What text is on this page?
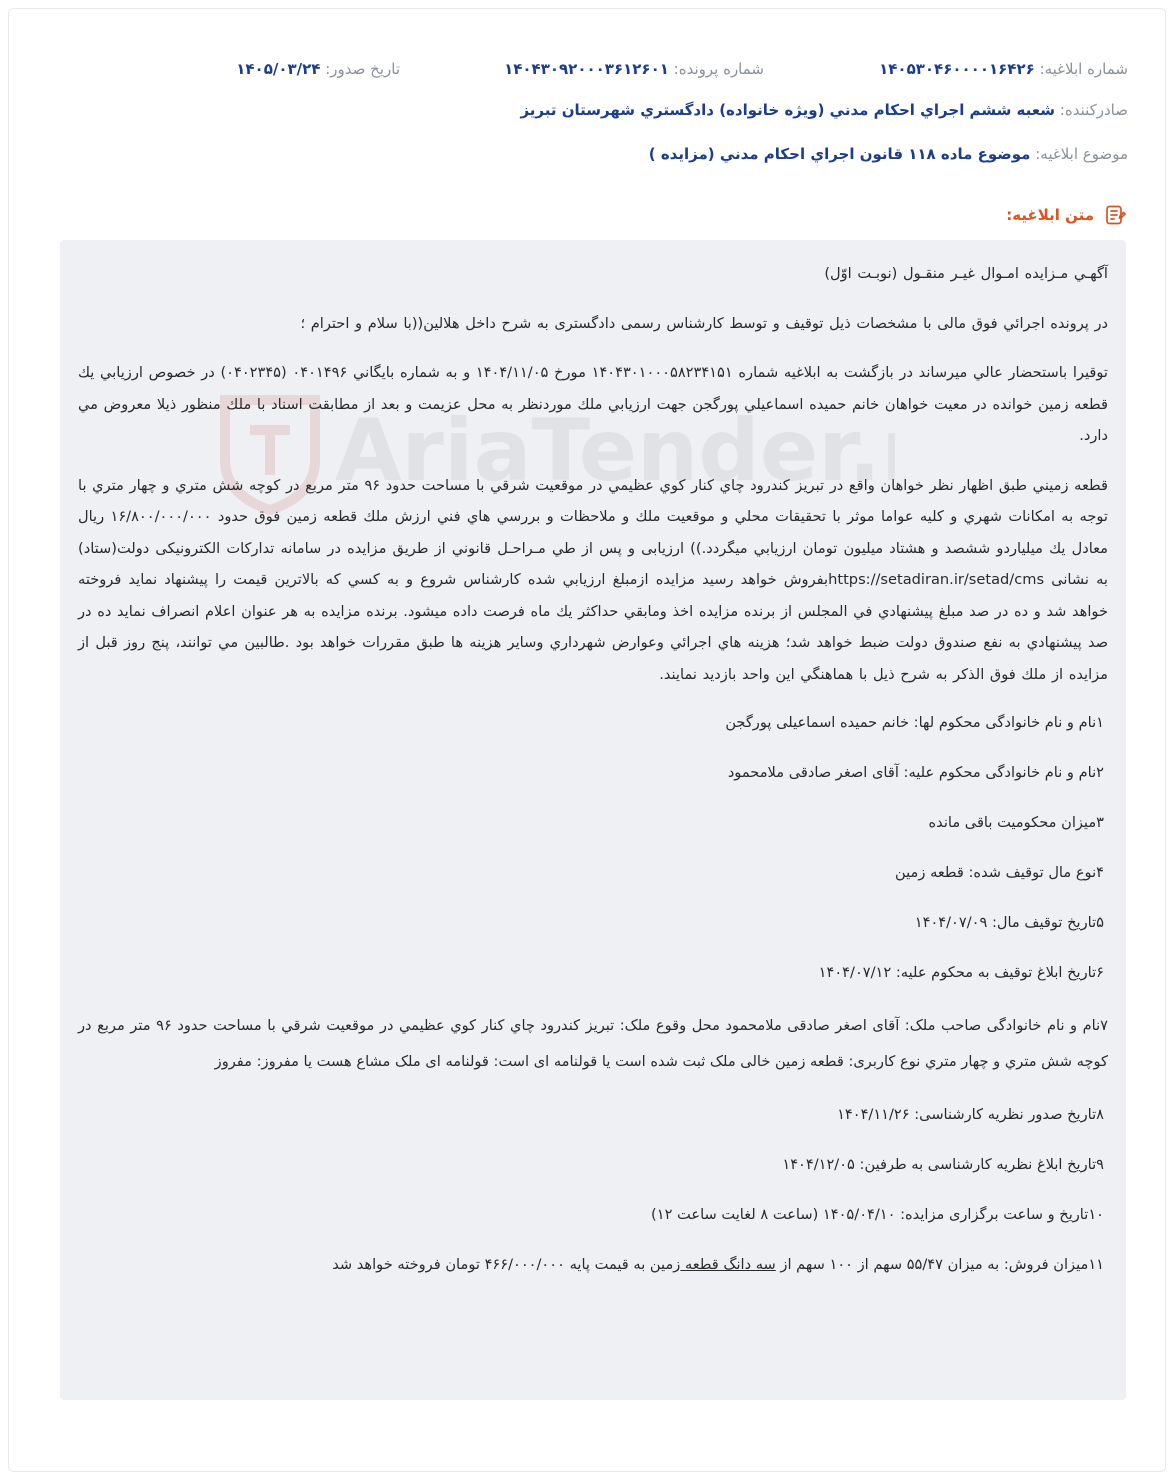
شماره ابلاغيه: ۱۴۰۵۳۰۴۶۰۰۰۰۱۶۴۲۶
شماره پرونده: ۱۴۰۴۳۰۹۲۰۰۰۳۶۱۲۶۰۱
تاريخ صدور: ۱۴۰۵/۰۳/۲۴
صادرکننده: شعبه ششم اجراي احكام مدني (ويژه خانواده) دادگستري شهرستان تبريز
موضوع ابلاغيه: موضوع ماده ۱۱۸ قانون اجراي احكام مدني (مزايده )
متن ابلاغيه:
AriaTender.

آگهـي مـزايده امـوال غيـر منقـول (نوبـت اوّل)

در پرونده اجرائي فوق مالی با مشخصات ذیل توقیف و توسط کارشناس رسمی دادگستری به شرح داخل هلالین((با سلام و احترام ؛

توقيرا باستحضار عالي ميرساند در بازگشت به ابلاغيه شماره ۱۴۰۴۳۰۱۰۰۰۵۸۲۳۴۱۵۱ مورخ ۱۴۰۴/۱۱/۰۵ و به شماره بايگاني ۰۴۰۱۴۹۶ (۰۴۰۲۳۴۵) در خصوص ارزيابي يك قطعه زمين خوانده در معيت خواهان خانم حميده اسماعيلي پورگجن جهت ارزيابي ملك موردنظر به محل عزيمت و بعد از مطابقت اسناد با ملك منظور ذيلا معروض مي دارد.

قطعه زميني طبق اظهار نظر خواهان واقع در تبريز كندرود چاي كنار كوي عظيمي در موقعيت شرقي با مساحت حدود ۹۶ متر مربع در كوچه شش متري و چهار متري با توجه به امكانات شهري و كليه عواما موثر با تحقيقات محلي و موقعيت ملك و ملاحظات و بررسي هاي فني ارزش ملك قطعه زمين فوق حدود ۱۶/۸۰۰/۰۰۰/۰۰۰ ريال معادل يك ميلياردو ششصد و هشتاد ميليون تومان ارزيابي ميگردد.)) ارزيابی و پس از طي مـراحـل قانوني از طريق مزايده در سامانه تدارکات الکترونيکی دولت(ستاد) به نشانی https://setadiran.ir/setad/cmsبفروش خواهد رسيد مزايده ازمبلغ ارزيابي شده كارشناس شروع و به كسي كه بالاترين قيمت را پيشنهاد نمايد فروخته خواهد شد و ده در صد مبلغ پيشنهادي في المجلس از برنده مزايده اخذ ومابقي حداكثر يك ماه فرصت داده ميشود. برنده مزايده به هر عنوان اعلام انصراف نمايد ده در صد پيشنهادي به نفع صندوق دولت ضبط خواهد شد؛ هزينه هاي اجرائي وعوارض شهرداري وساير هزينه ها طبق مقررات خواهد بود .طالبين مي توانند، پنج روز قبل از مزايده از ملك فوق الذكر به شرح ذيل با هماهنگي اين واحد بازديد نمايند.

۱نام و نام خانوادگی محکوم لها: خانم حمیده اسماعیلی پورگجن
۲نام و نام خانوادگی محکوم علیه: آقای اصغر صادقی ملامحمود
۳میزان محکومیت باقی مانده
۴نوع مال توقیف شده: قطعه زمین
۵تاریخ توقیف مال: ۱۴۰۴/۰۷/۰۹
۶تاریخ ابلاغ توقیف به محکوم علیه: ۱۴۰۴/۰۷/۱۲
۷نام و نام خانوادگی صاحب ملک: آقای اصغر صادقی ملامحمود محل وقوع ملک: تبريز كندرود چاي كنار كوي عظيمي در موقعيت شرقي با مساحت حدود ۹۶ متر مربع در كوچه شش متري و چهار متري نوع کاربری: قطعه زمین خالی ملک ثبت شده است یا قولنامه ای است: قولنامه ای ملک مشاع هست یا مفروز: مفروز
۸تاریخ صدور نظریه کارشناسی: ۱۴۰۴/۱۱/۲۶
۹تاریخ ابلاغ نظریه کارشناسی به طرفین: ۱۴۰۴/۱۲/۰۵
۱۰تاریخ و ساعت برگزاری مزایده: ۱۴۰۵/۰۴/۱۰ (ساعت ۸ لغایت ساعت ۱۲)
۱۱میزان فروش: به میزان ۵۵/۴۷ سهم از ۱۰۰ سهم از سه دانگ قطعه زمین به قیمت پایه ۴۶۶/۰۰۰/۰۰۰ تومان فروخته خواهد شد
